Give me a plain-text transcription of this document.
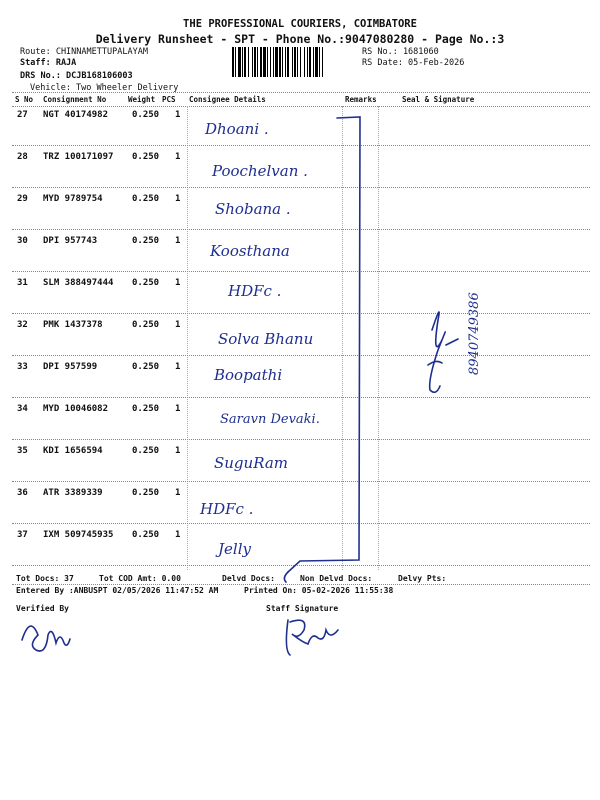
THE PROFESSIONAL COURIERS, COIMBATORE
Delivery Runsheet - SPT - Phone No.:9047080280 - Page No.:3
Route: CHINNAMETTUPALAYAM
Staff: RAJA
DRS No.: DCJB168106003
Vehicle: Two Wheeler Delivery
RS No.: 1681060
RS Date: 05-Feb-2026
S No Consignment No	Weight PCS Consignee Details	Remarks	Seal & Signature
27 NGT 40174982	0.250 1
Dhoani .
28 TRZ 100171097 0.250 1
Poochelvan .
29 MYD 9789754	0.250 1
Shobana .
30 DPI 957743	0.250 1
Koosthana
31 SLM 388497444 0.250 1	HDFc .
32 PMK 1437378	0.250 1
Solva Bhanu
33 DPI 957599	0.250 1 Boopathi
34 MYD 10046082	0.250 1
Saravn Devaki.
35 KDI 1656594	0.250 1
SuguRam
36 ATR 3389339	0.250 1
HDFc .
37 IXM 509745935 0.250 1
Jelly
8940749386
Tot Docs: 37	Tot COD Amt: 0.00	Delvd Docs:	Non Delvd Docs:	Delvy Pts:
Entered By :ANBUSPT 02/05/2026 11:47:52 AM	Printed On: 05-02-2026 11:55:38
Verified By	Staff Signature
